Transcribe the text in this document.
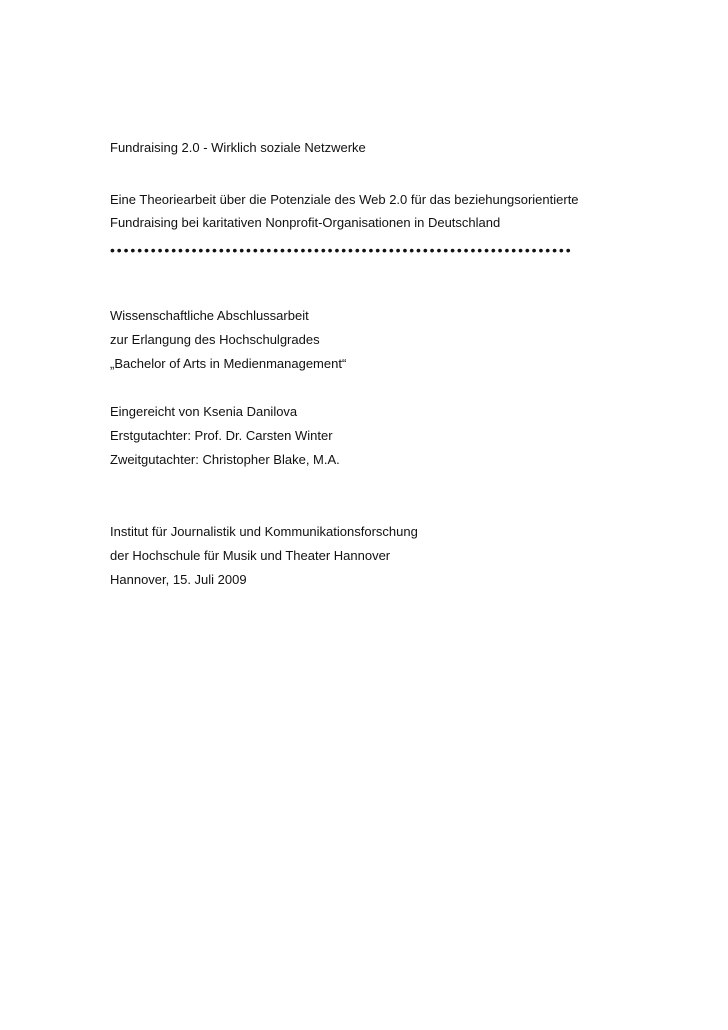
Fundraising 2.0 - Wirklich soziale Netzwerke

Eine Theoriearbeit über die Potenziale des Web 2.0 für das beziehungsorientierte

Fundraising bei karitativen Nonprofit-Organisationen in Deutschland

••••••••••••••••••••••••••••••••••••••••••••••••••••••••••••••••••••

Wissenschaftliche Abschlussarbeit

zur Erlangung des Hochschulgrades

„Bachelor of Arts in Medienmanagement“

Eingereicht von Ksenia Danilova

Erstgutachter: Prof. Dr. Carsten Winter

Zweitgutachter: Christopher Blake, M.A.

Institut für Journalistik und Kommunikationsforschung

der Hochschule für Musik und Theater Hannover

Hannover, 15. Juli 2009
